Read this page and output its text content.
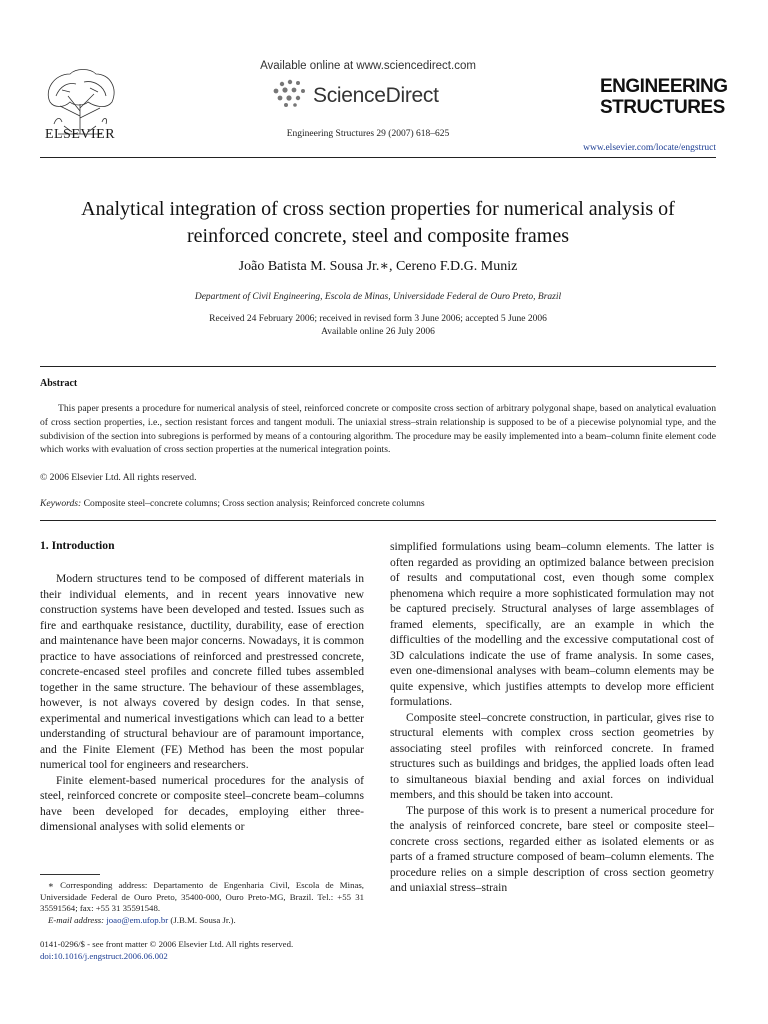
ELSEVIER
Available online at www.sciencedirect.com
ScienceDirect
Engineering Structures 29 (2007) 618–625
ENGINEERING
STRUCTURES
www.elsevier.com/locate/engstruct
Analytical integration of cross section properties for numerical analysis of reinforced concrete, steel and composite frames
João Batista M. Sousa Jr.∗, Cereno F.D.G. Muniz
Department of Civil Engineering, Escola de Minas, Universidade Federal de Ouro Preto, Brazil
Received 24 February 2006; received in revised form 3 June 2006; accepted 5 June 2006
Available online 26 July 2006
Abstract

This paper presents a procedure for numerical analysis of steel, reinforced concrete or composite cross section of arbitrary polygonal shape, based on analytical evaluation of cross section properties, i.e., section resistant forces and tangent moduli. The uniaxial stress–strain relationship is supposed to be of a piecewise polynomial type, and the subdivision of the section into subregions is performed by means of a contouring algorithm. The procedure may be easily implemented into a beam–column finite element code which works with evaluation of cross section properties at the numerical integration points.

© 2006 Elsevier Ltd. All rights reserved.
Keywords: Composite steel–concrete columns; Cross section analysis; Reinforced concrete columns
1. Introduction

Modern structures tend to be composed of different materials in their individual elements, and in recent years innovative new construction systems have been developed and tested. Issues such as fire and earthquake resistance, ductility, durability, ease of erection and maintenance have been major concerns. Nowadays, it is common practice to have associations of reinforced and prestressed concrete, concrete-encased steel profiles and concrete filled tubes assembled together in the same structure. The behaviour of these assemblages, however, is not always covered by design codes. In that sense, experimental and numerical investigations which can lead to a better understanding of structural behaviour are of paramount importance, and the Finite Element (FE) Method has been the most popular numerical tool for engineers and researchers.

Finite element-based numerical procedures for the analysis of steel, reinforced concrete or composite steel–concrete beam–columns have been developed for decades, employing either three-dimensional analyses with solid elements or

simplified formulations using beam–column elements. The latter is often regarded as providing an optimized balance between precision of results and computational cost, even though some complex phenomena which require a more sophisticated formulation may not be captured precisely. Structural analyses of large assemblages of framed elements, specifically, are an example in which the difficulties of the modelling and the excessive computational cost of 3D calculations indicate the use of frame analysis. In some cases, even one-dimensional analyses with beam–column elements may be quite expensive, which justifies attempts to develop more efficient formulations.

Composite steel–concrete construction, in particular, gives rise to structural elements with complex cross section geometries by associating steel profiles with reinforced concrete. In framed structures such as buildings and bridges, the applied loads often lead to simultaneous biaxial bending and axial forces on individual members, and this should be taken into account.

The purpose of this work is to present a numerical procedure for the analysis of reinforced concrete, bare steel or composite steel–concrete cross sections, regarded either as isolated elements or as parts of a framed structure composed of beam–column elements. The procedure relies on a simple description of cross section geometry and uniaxial stress–strain

∗ Corresponding address: Departamento de Engenharia Civil, Escola de Minas, Universidade Federal de Ouro Preto, 35400-000, Ouro Preto-MG, Brazil. Tel.: +55 31 35591564; fax: +55 31 35591548.

E-mail address: joao@em.ufop.br (J.B.M. Sousa Jr.).

0141-0296/$ - see front matter © 2006 Elsevier Ltd. All rights reserved.
doi:10.1016/j.engstruct.2006.06.002
